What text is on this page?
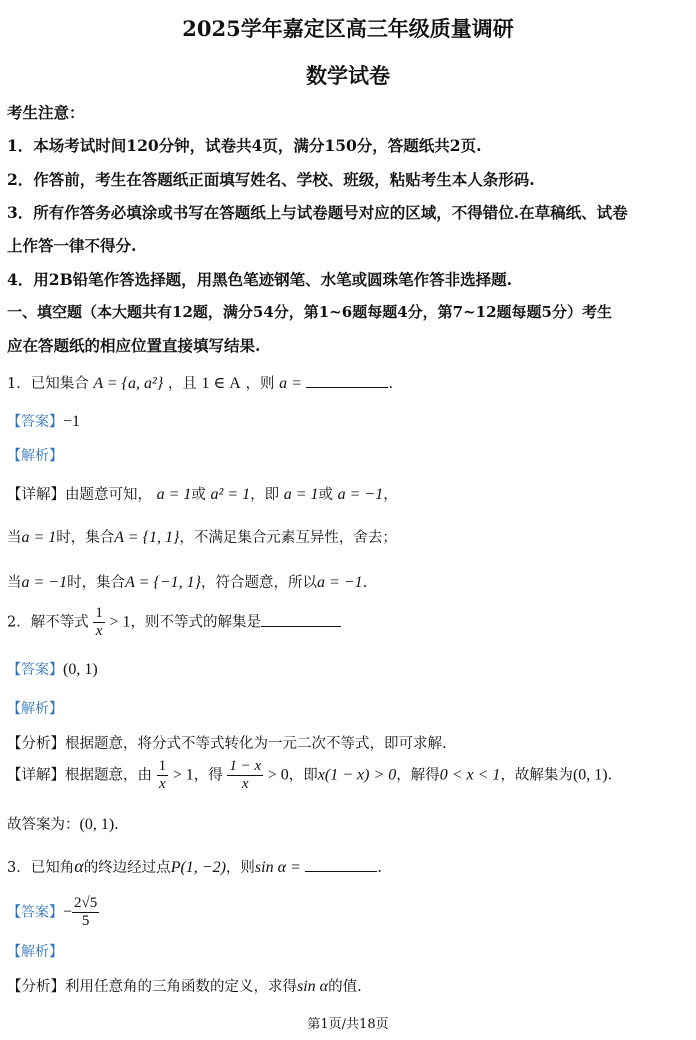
2025学年嘉定区高三年级质量调研
数学试卷
考生注意：
1．本场考试时间120分钟，试卷共4页，满分150分，答题纸共2页.
2．作答前，考生在答题纸正面填写姓名、学校、班级，粘贴考生本人条形码.
3．所有作答务必填涂或书写在答题纸上与试卷题号对应的区域，不得错位.在草稿纸、试卷
上作答一律不得分.
4．用2B铅笔作答选择题，用黑色笔迹钢笔、水笔或圆珠笔作答非选择题.
一、填空题（本大题共有12题，满分54分，第1~6题每题4分，第7~12题每题5分）考生
应在答题纸的相应位置直接填写结果.
1．已知集合 A = {a, a²} ，且 1 ∈ A ，则 a =	.
【答案】−1
【解析】
【详解】由题意可知， a = 1或 a² = 1，即 a = 1或 a = −1，
当a = 1时，集合A = {1, 1}，不满足集合元素互异性，舍去；
当a = −1时，集合A = {−1, 1}，符合题意，所以a = −1.
2．解不等式 $\frac{1}{x} > 1$，则不等式的解集是
【答案】(0, 1)
【解析】
【分析】根据题意，将分式不等式转化为一元二次不等式，即可求解.
【详解】根据题意，由 $\frac{1}{x} > 1$，得 $\frac{1 - x}{x} > 0$，即x(1 − x) > 0，解得0 < x < 1，故解集为(0, 1).
故答案为：(0, 1).
3．已知角α的终边经过点P(1, −2)，则sin α =	.
【答案】− $\frac{2√5}{5}$
【解析】
【分析】利用任意角的三角函数的定义，求得sin α的值.
第1页/共18页
